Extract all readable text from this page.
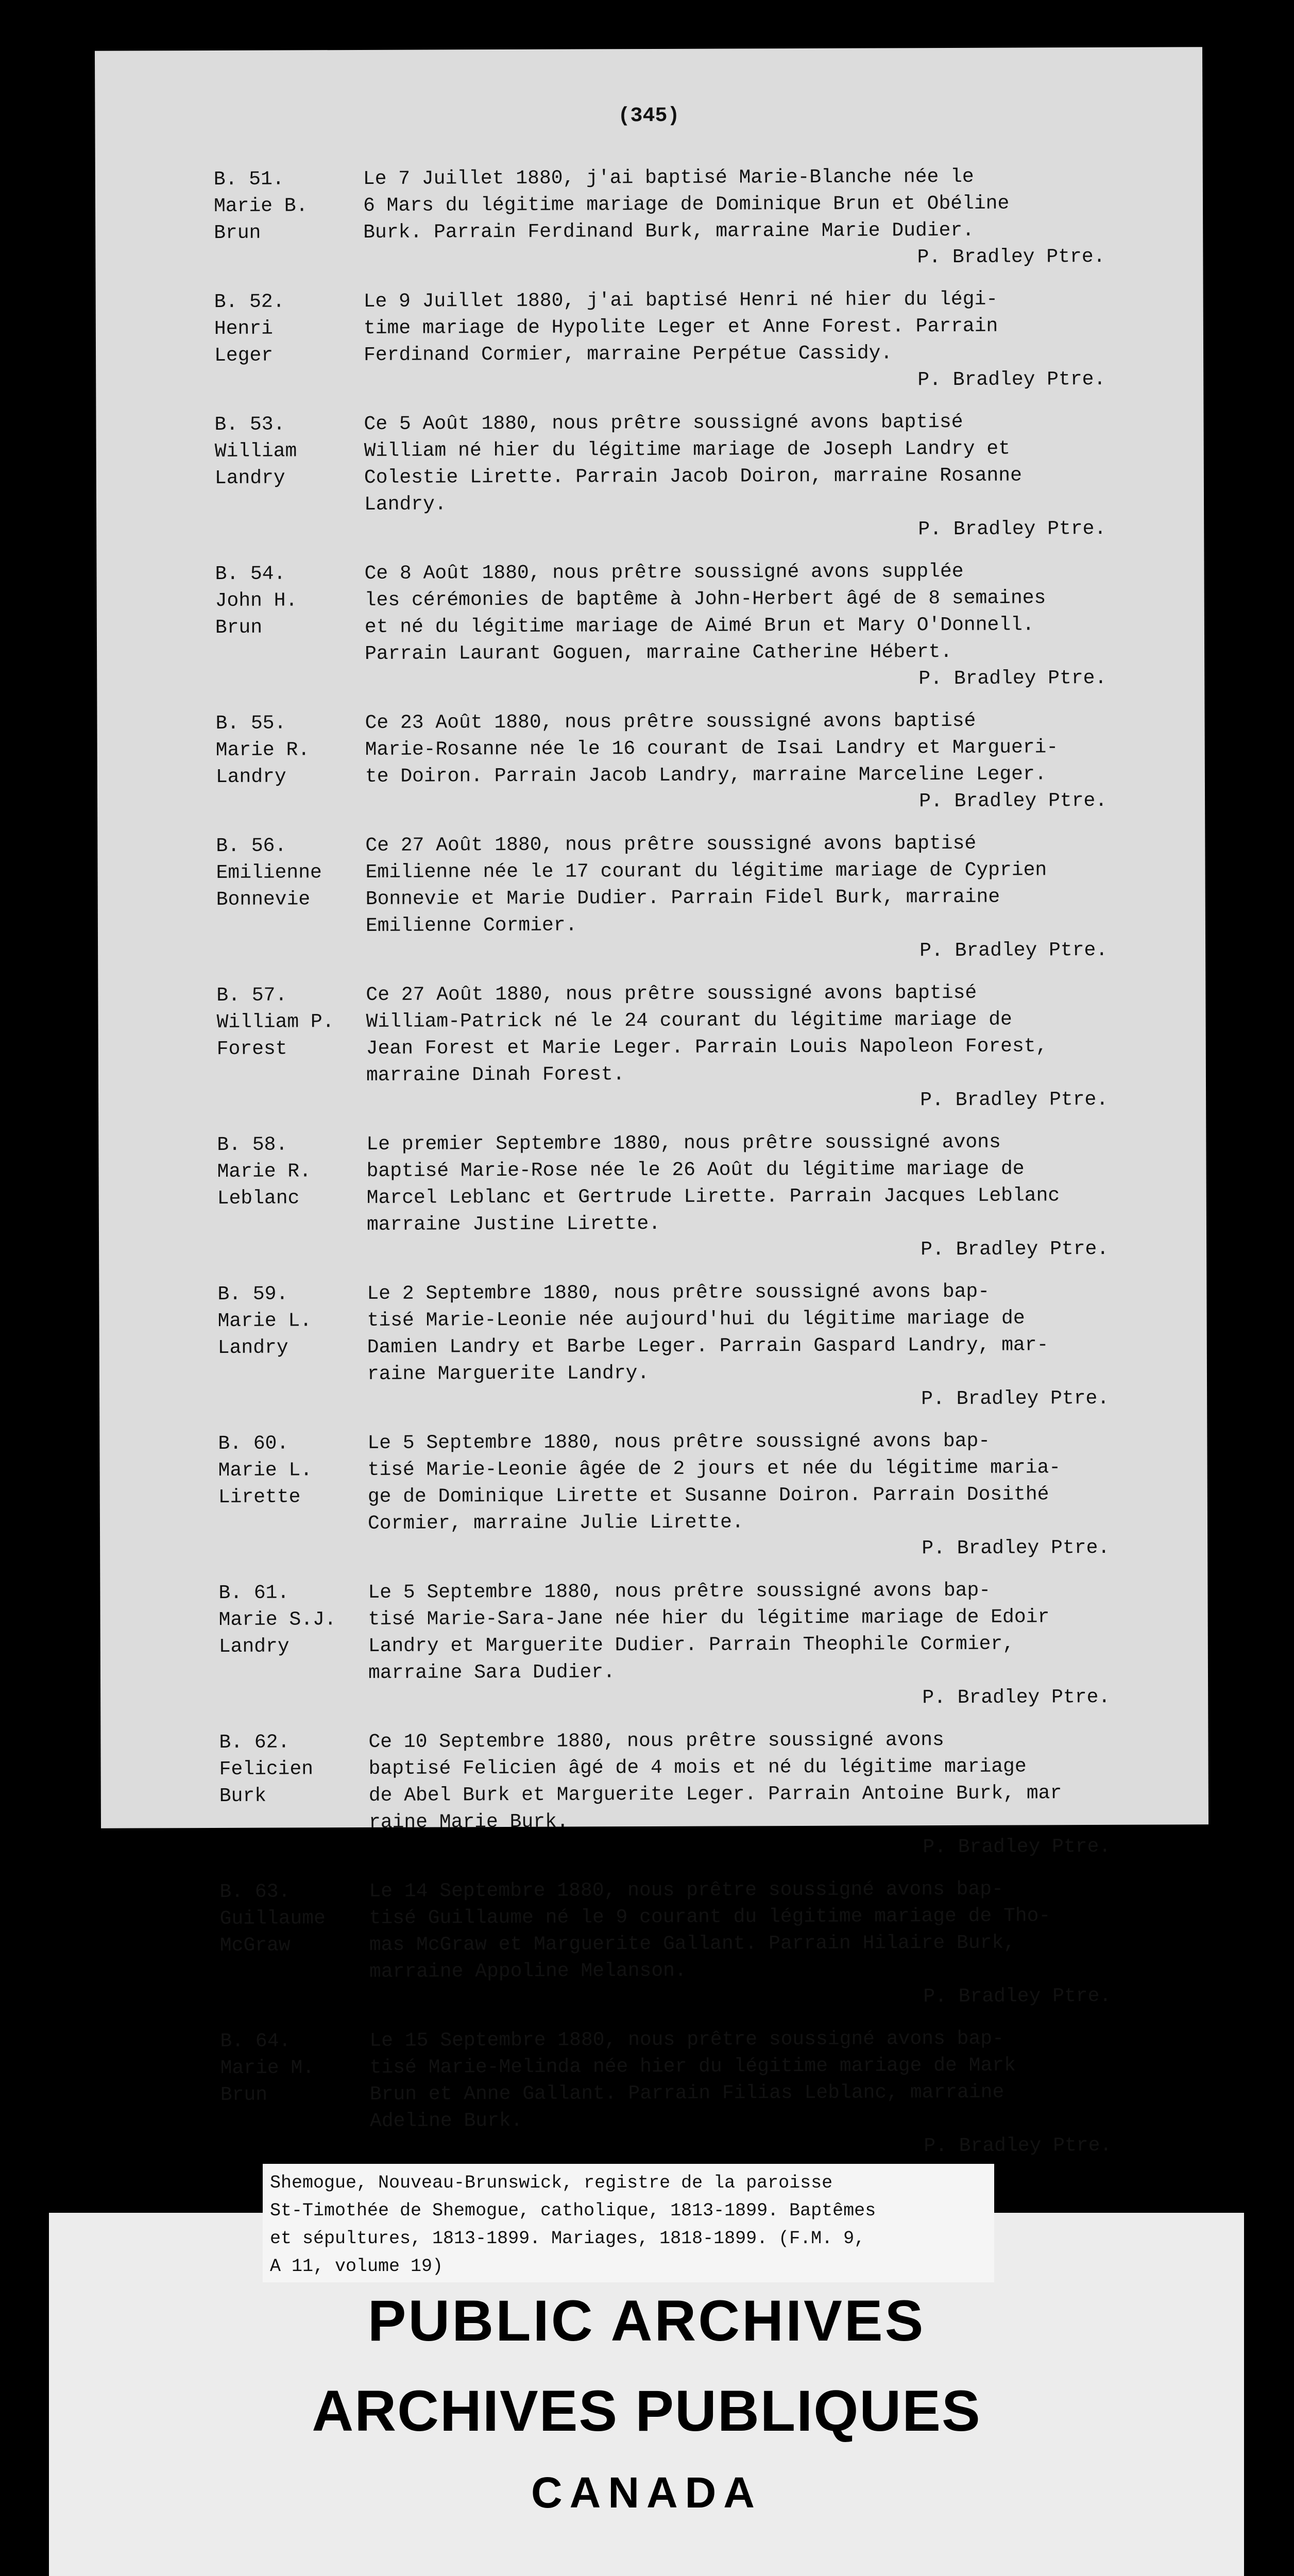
(345)
B. 51.
Marie B.
Brun
Le 7 Juillet 1880, j'ai baptisé Marie-Blanche née le
6 Mars du légitime mariage de Dominique Brun et Obéline
Burk. Parrain Ferdinand Burk, marraine Marie Dudier.
P. Bradley Ptre.
B. 52.
Henri
Leger
Le 9 Juillet 1880, j'ai baptisé Henri né hier du légi-
time mariage de Hypolite Leger et Anne Forest. Parrain
Ferdinand Cormier, marraine Perpétue Cassidy.
P. Bradley Ptre.
B. 53.
William
Landry
Ce 5 Août 1880, nous prêtre soussigné avons baptisé
William né hier du légitime mariage de Joseph Landry et
Colestie Lirette. Parrain Jacob Doiron, marraine Rosanne
Landry.
P. Bradley Ptre.
B. 54.
John H.
Brun
Ce 8 Août 1880, nous prêtre soussigné avons supplée
les cérémonies de baptême à John-Herbert âgé de 8 semaines
et né du légitime mariage de Aimé Brun et Mary O'Donnell.
Parrain Laurant Goguen, marraine Catherine Hébert.
P. Bradley Ptre.
B. 55.
Marie R.
Landry
Ce 23 Août 1880, nous prêtre soussigné avons baptisé
Marie-Rosanne née le 16 courant de Isai Landry et Margueri-
te Doiron. Parrain Jacob Landry, marraine Marceline Leger.
P. Bradley Ptre.
B. 56.
Emilienne
Bonnevie
Ce 27 Août 1880, nous prêtre soussigné avons baptisé
Emilienne née le 17 courant du légitime mariage de Cyprien
Bonnevie et Marie Dudier. Parrain Fidel Burk, marraine
Emilienne Cormier.
P. Bradley Ptre.
B. 57.
William P.
Forest
Ce 27 Août 1880, nous prêtre soussigné avons baptisé
William-Patrick né le 24 courant du légitime mariage de
Jean Forest et Marie Leger. Parrain Louis Napoleon Forest,
marraine Dinah Forest.
P. Bradley Ptre.
B. 58.
Marie R.
Leblanc
Le premier Septembre 1880, nous prêtre soussigné avons
baptisé Marie-Rose née le 26 Août du légitime mariage de
Marcel Leblanc et Gertrude Lirette. Parrain Jacques Leblanc
marraine Justine Lirette.
P. Bradley Ptre.
B. 59.
Marie L.
Landry
Le 2 Septembre 1880, nous prêtre soussigné avons bap-
tisé Marie-Leonie née aujourd'hui du légitime mariage de
Damien Landry et Barbe Leger. Parrain Gaspard Landry, mar-
raine Marguerite Landry.
P. Bradley Ptre.
B. 60.
Marie L.
Lirette
Le 5 Septembre 1880, nous prêtre soussigné avons bap-
tisé Marie-Leonie âgée de 2 jours et née du légitime maria-
ge de Dominique Lirette et Susanne Doiron. Parrain Dosithé
Cormier, marraine Julie Lirette.
P. Bradley Ptre.
B. 61.
Marie S.J.
Landry
Le 5 Septembre 1880, nous prêtre soussigné avons bap-
tisé Marie-Sara-Jane née hier du légitime mariage de Edoir
Landry et Marguerite Dudier. Parrain Theophile Cormier,
marraine Sara Dudier.
P. Bradley Ptre.
B. 62.
Felicien
Burk
Ce 10 Septembre 1880, nous prêtre soussigné avons
baptisé Felicien âgé de 4 mois et né du légitime mariage
de Abel Burk et Marguerite Leger. Parrain Antoine Burk, mar
raine Marie Burk.
P. Bradley Ptre.
B. 63.
Guillaume
McGraw
Le 14 Septembre 1880, nous prêtre soussigné avons bap-
tisé Guillaume né le 9 courant du légitime mariage de Tho-
mas McGraw et Marguerite Gallant. Parrain Hilaire Burk,
marraine Appoline Melanson.
P. Bradley Ptre.
B. 64.
Marie M.
Brun
Le 15 Septembre 1880, nous prêtre soussigné avons bap-
tisé Marie-Melinda née hier du légitime mariage de Mark
Brun et Anne Gallant. Parrain Filias Leblanc, marraine
Adeline Burk.
P. Bradley Ptre.
Shemogue, Nouveau-Brunswick, registre de la paroisse
St-Timothée de Shemogue, catholique, 1813-1899. Baptêmes
et sépultures, 1813-1899. Mariages, 1818-1899. (F.M. 9,
A 11, volume 19)
PUBLIC ARCHIVES
ARCHIVES PUBLIQUES
CANADA
